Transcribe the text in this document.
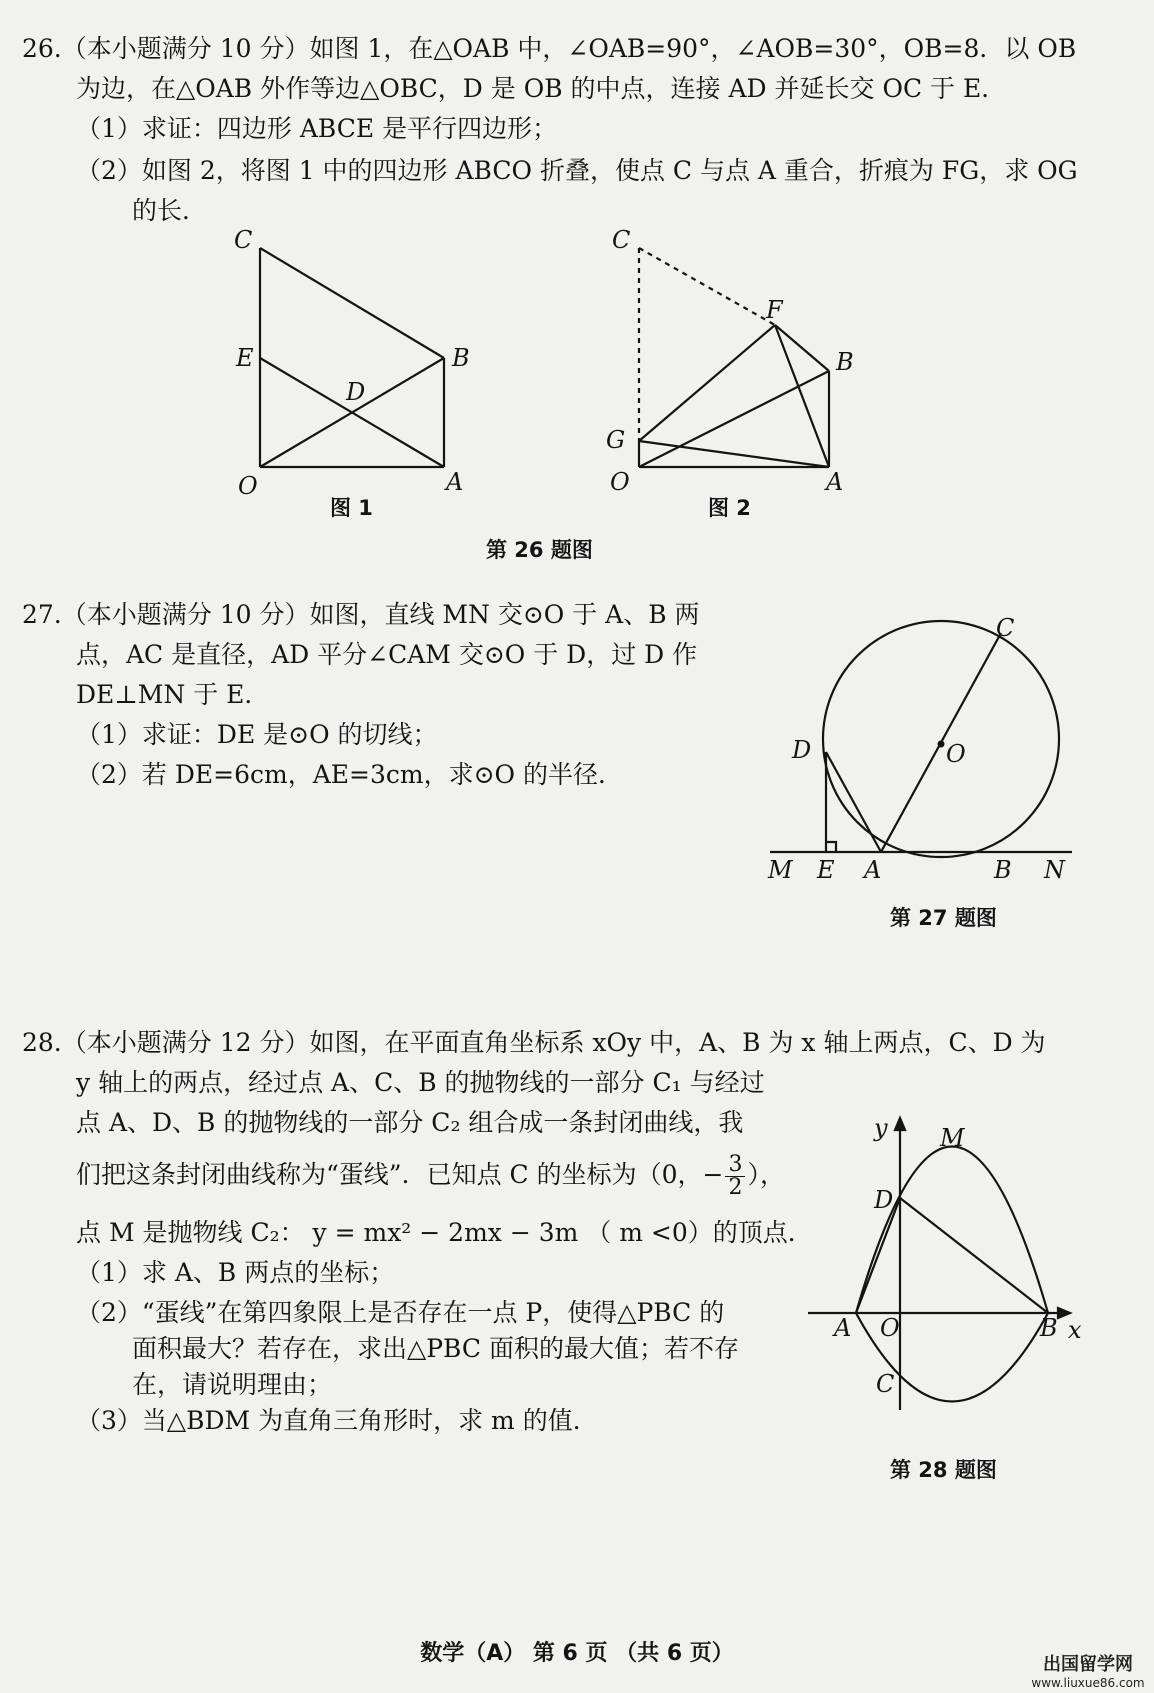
26.（本小题满分 10 分）如图 1，在△OAB 中，∠OAB=90°，∠AOB=30°，OB=8．以 OB
为边，在△OAB 外作等边△OBC，D 是 OB 的中点，连接 AD 并延长交 OC 于 E．
（1）求证：四边形 ABCE 是平行四边形；
（2）如图 2，将图 1 中的四边形 ABCO 折叠，使点 C 与点 A 重合，折痕为 FG，求 OG
的长．
C
E	B
D
O	A
图 1
C
F
B
G
O	A
图 2
第 26 题图
27.（本小题满分 10 分）如图，直线 MN 交⊙O 于 A、B 两
点，AC 是直径，AD 平分∠CAM 交⊙O 于 D，过 D 作
DE⊥MN 于 E．
（1）求证：DE 是⊙O 的切线；
（2）若 DE=6cm，AE=3cm，求⊙O 的半径．
C
D	O
M E A	B N
第 27 题图
28.（本小题满分 12 分）如图，在平面直角坐标系 xOy 中，A、B 为 x 轴上两点，C、D 为
y 轴上的两点，经过点 A、C、B 的抛物线的一部分 C₁ 与经过
点 A、D、B 的抛物线的一部分 C₂ 组合成一条封闭曲线，我
们把这条封闭曲线称为“蛋线”．已知点 C 的坐标为（0，− $\frac{3}{2}$ ），
点 M 是抛物线 C₂： y = mx² − 2mx − 3m （ m <0）的顶点．
（1）求 A、B 两点的坐标；
（2）“蛋线”在第四象限上是否存在一点 P，使得△PBC 的
面积最大？若存在，求出△PBC 面积的最大值；若不存
在，请说明理由；
（3）当△BDM 为直角三角形时，求 m 的值．
y M
D
A O	B x
C
第 28 题图
数学（A） 第 6 页 （共 6 页）	出国留学网
www.liuxue86.com
